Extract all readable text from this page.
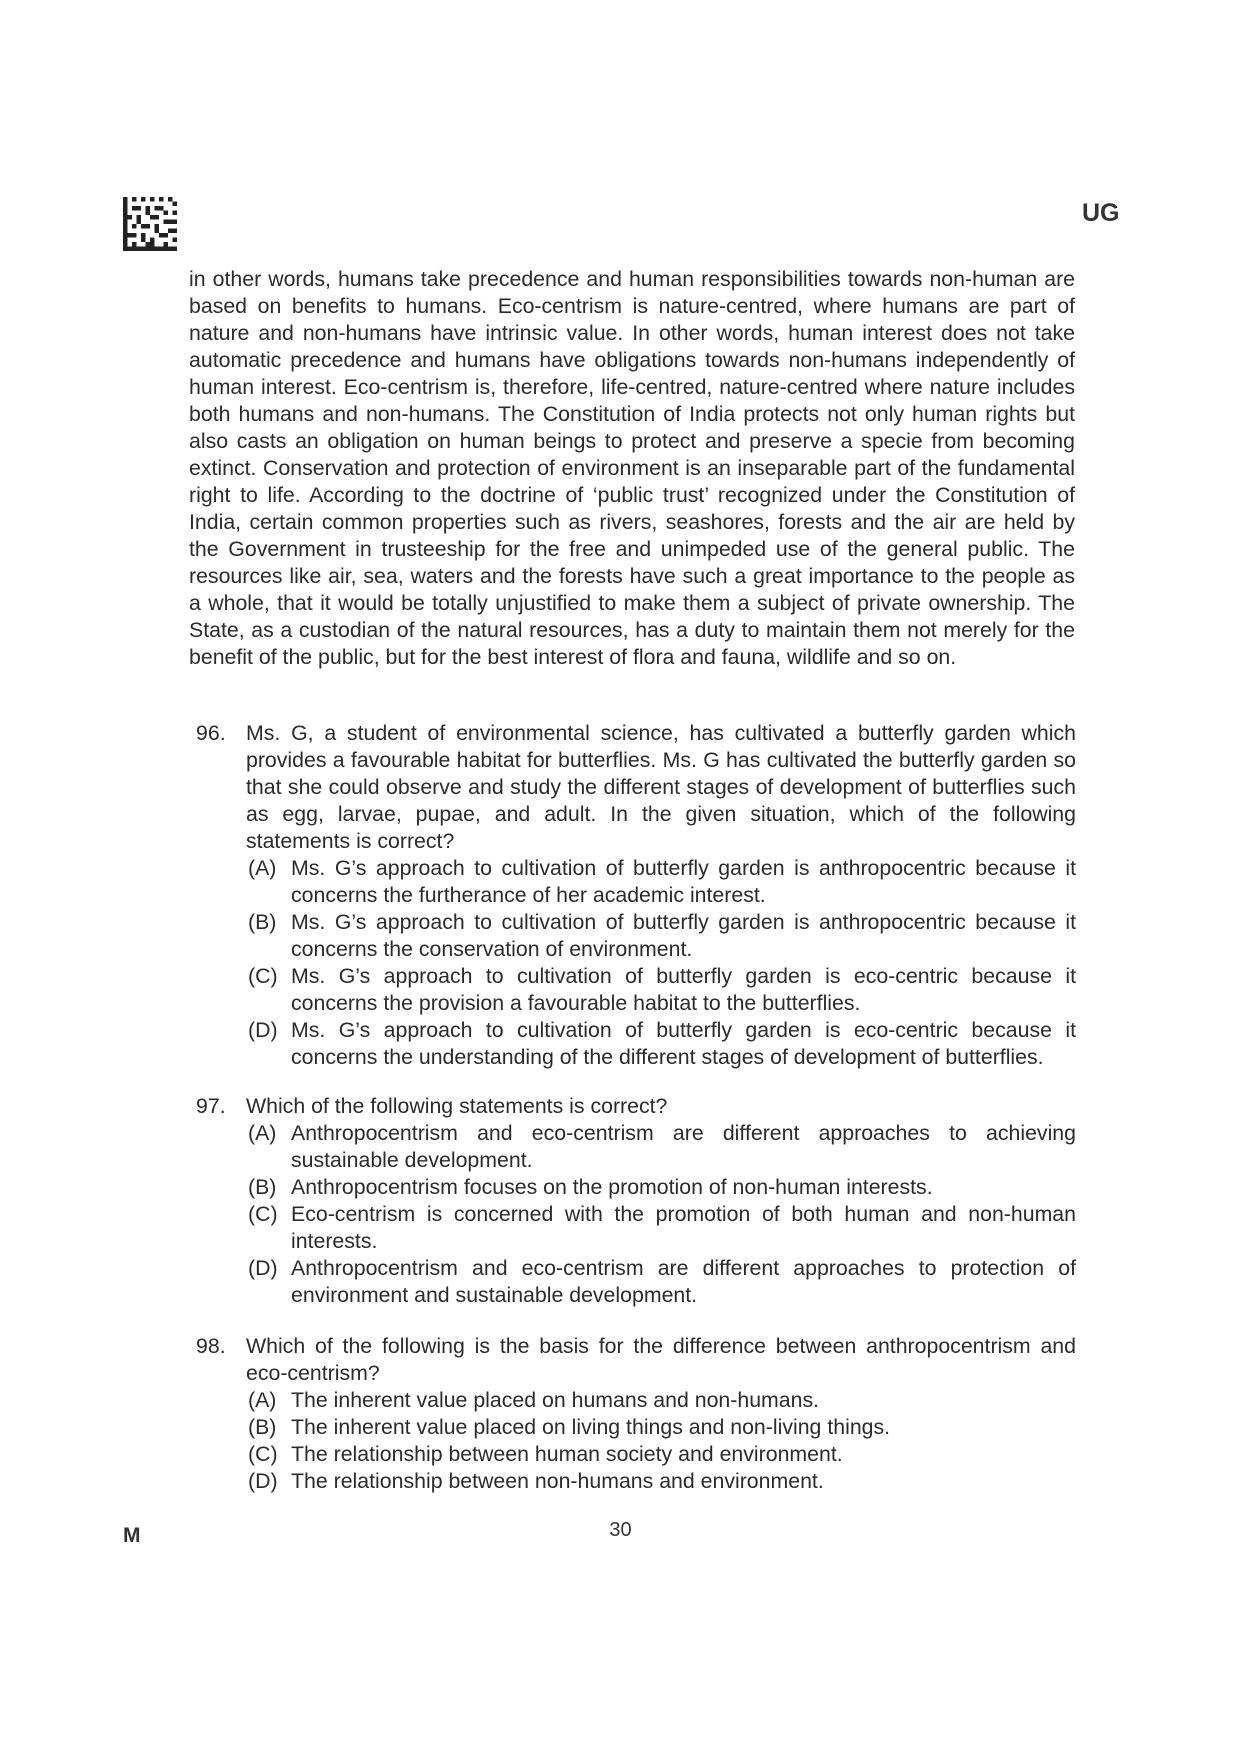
UG

in other words, humans take precedence and human responsibilities towards non-human are based on benefits to humans. Eco-centrism is nature-centred, where humans are part of nature and non-humans have intrinsic value. In other words, human interest does not take automatic precedence and humans have obligations towards non-humans independently of human interest. Eco-centrism is, therefore, life-centred, nature-centred where nature includes both humans and non-humans. The Constitution of India protects not only human rights but also casts an obligation on human beings to protect and preserve a specie from becoming extinct. Conservation and protection of environment is an inseparable part of the fundamental right to life. According to the doctrine of ‘public trust’ recognized under the Constitution of India, certain common properties such as rivers, seashores, forests and the air are held by the Government in trusteeship for the free and unimpeded use of the general public. The resources like air, sea, waters and the forests have such a great importance to the people as a whole, that it would be totally unjustified to make them a subject of private ownership. The State, as a custodian of the natural resources, has a duty to maintain them not merely for the benefit of the public, but for the best interest of flora and fauna, wildlife and so on.

96. Ms. G, a student of environmental science, has cultivated a butterfly garden which provides a favourable habitat for butterflies. Ms. G has cultivated the butterfly garden so that she could observe and study the different stages of development of butterflies such as egg, larvae, pupae, and adult. In the given situation, which of the following statements is correct?
(A) Ms. G’s approach to cultivation of butterfly garden is anthropocentric because it concerns the furtherance of her academic interest.
(B) Ms. G’s approach to cultivation of butterfly garden is anthropocentric because it concerns the conservation of environment.
(C) Ms. G’s approach to cultivation of butterfly garden is eco-centric because it concerns the provision a favourable habitat to the butterflies.
(D) Ms. G’s approach to cultivation of butterfly garden is eco-centric because it concerns the understanding of the different stages of development of butterflies.
97. Which of the following statements is correct?
(A) Anthropocentrism and eco-centrism are different approaches to achieving sustainable development.
(B) Anthropocentrism focuses on the promotion of non-human interests.
(C) Eco-centrism is concerned with the promotion of both human and non-human interests.
(D) Anthropocentrism and eco-centrism are different approaches to protection of environment and sustainable development.
98. Which of the following is the basis for the difference between anthropocentrism and eco-centrism?
(A) The inherent value placed on humans and non-humans.
(B) The inherent value placed on living things and non-living things.
(C) The relationship between human society and environment.
(D) The relationship between non-humans and environment.
M	30
